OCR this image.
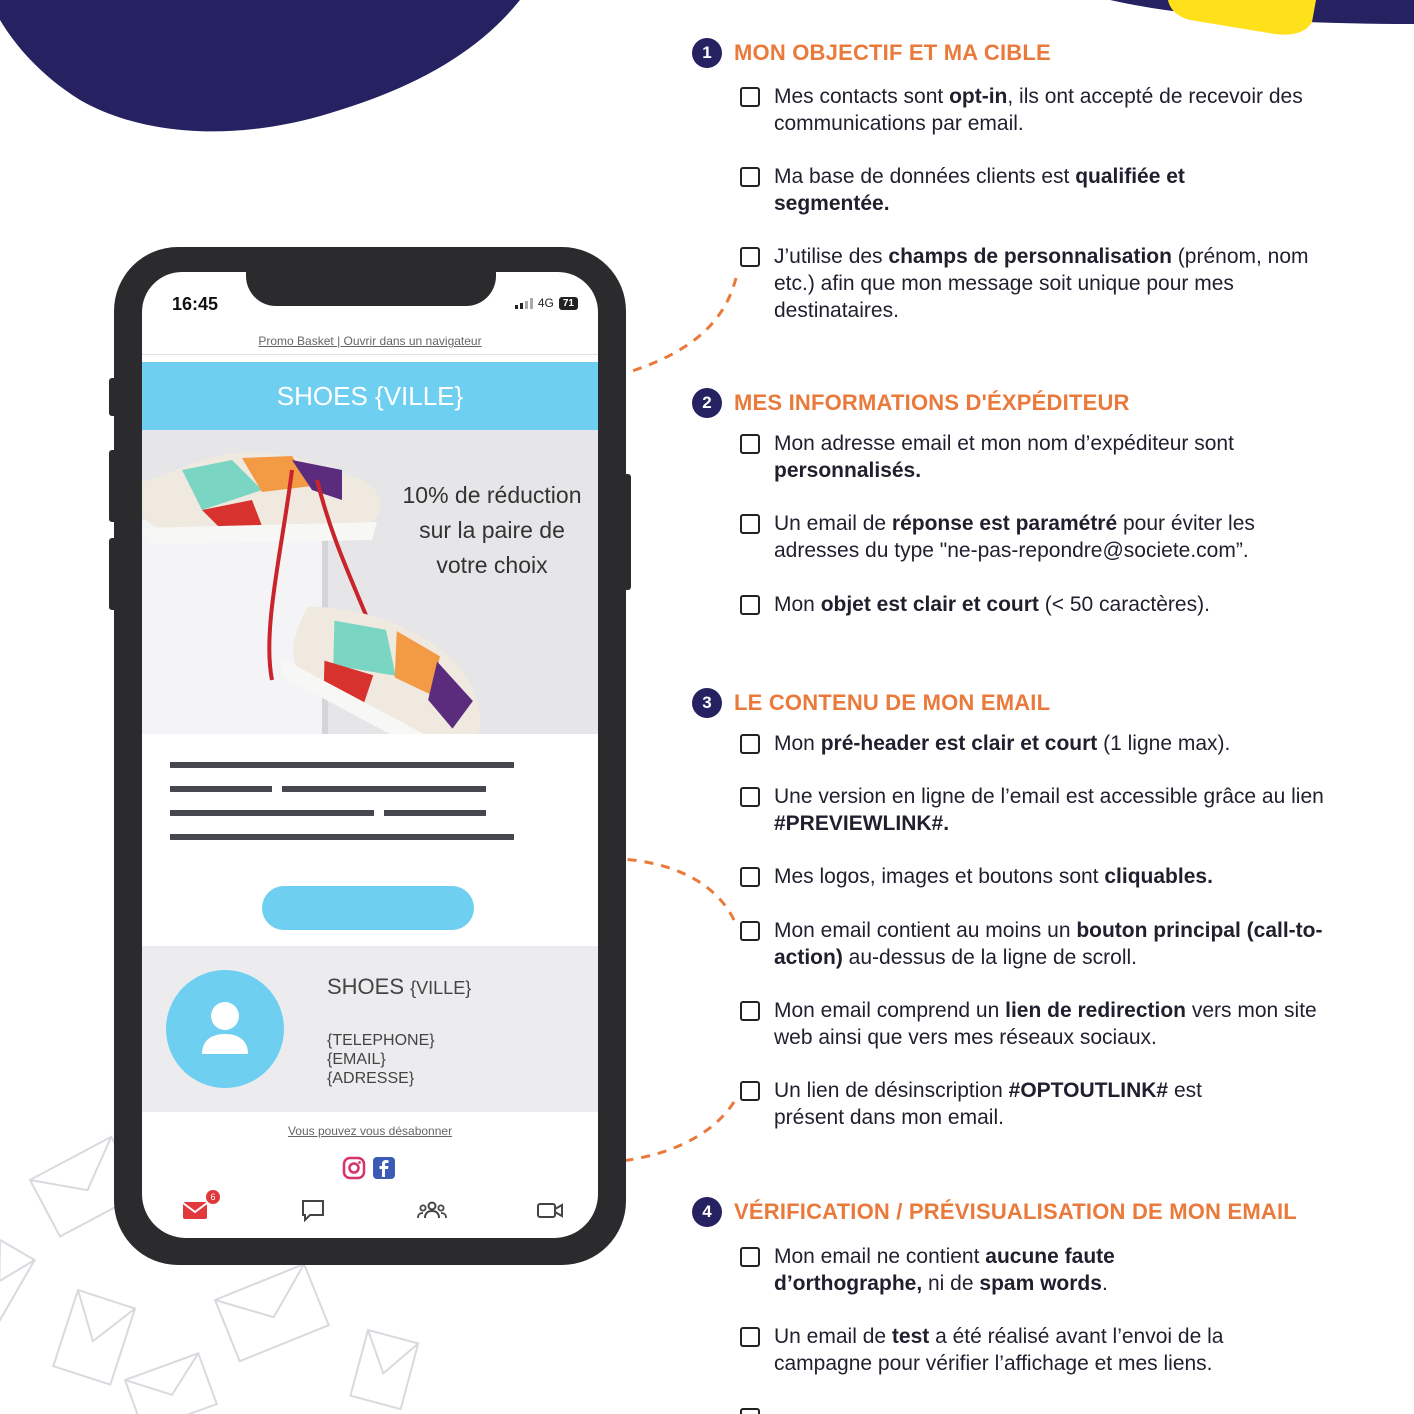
16:45	4G 71
Promo Basket | Ouvrir dans un navigateur
SHOES {VILLE}
10% de réduction
sur la paire de
votre choix
SHOES {VILLE}
{TELEPHONE}
{EMAIL}
{ADRESSE}
Vous pouvez vous désabonner
6
1	MON OBJECTIF ET MA CIBLE
Mes contacts sont opt-in, ils ont accepté de recevoir des communications par email.
Ma base de données clients est qualifiée et segmentée.
J’utilise des champs de personnalisation (prénom, nom etc.) afin que mon message soit unique pour mes destinataires.
2	MES INFORMATIONS D'ÉXPÉDITEUR
Mon adresse email et mon nom d’expéditeur sont personnalisés.
Un email de réponse est paramétré pour éviter les adresses du type "ne-pas-repondre@societe.com”.
Mon objet est clair et court (< 50 caractères).
3	LE CONTENU DE MON EMAIL
Mon pré-header est clair et court (1 ligne max).
Une version en ligne de l’email est accessible grâce au lien #PREVIEWLINK#.
Mes logos, images et boutons sont cliquables.
Mon email contient au moins un bouton principal (call-to-action) au-dessus de la ligne de scroll.
Mon email comprend un lien de redirection vers mon site web ainsi que vers mes réseaux sociaux.
Un lien de désinscription #OPTOUTLINK# est présent dans mon email.
4	VÉRIFICATION / PRÉVISUALISATION DE MON EMAIL
Mon email ne contient aucune faute d’orthographe, ni de spam words.
Un email de test a été réalisé avant l’envoi de la campagne pour vérifier l’affichage et mes liens.
